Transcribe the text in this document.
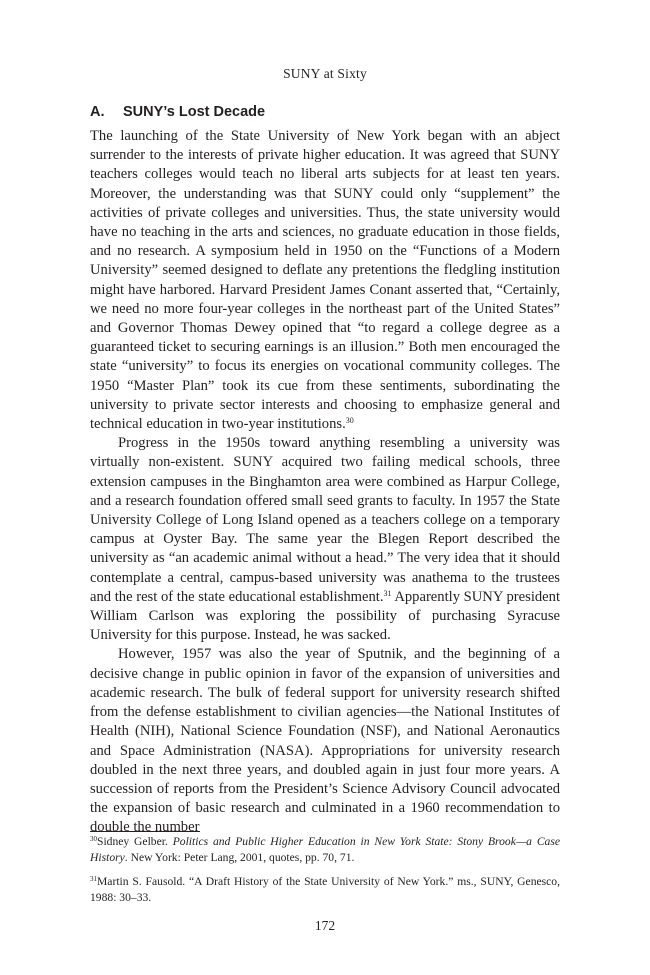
SUNY at Sixty
A. SUNY’s Lost Decade

The launching of the State University of New York began with an abject surrender to the interests of private higher education. It was agreed that SUNY teachers colleges would teach no liberal arts subjects for at least ten years. Moreover, the understanding was that SUNY could only “supplement” the activities of private colleges and universities. Thus, the state university would have no teaching in the arts and sciences, no graduate education in those fields, and no research. A symposium held in 1950 on the “Functions of a Modern University” seemed designed to deflate any pretentions the fledgling institution might have harbored. Harvard President James Conant asserted that, “Certainly, we need no more four-year colleges in the northeast part of the United States” and Governor Thomas Dewey opined that “to regard a college degree as a guaranteed ticket to securing earnings is an illusion.” Both men encouraged the state “university” to focus its energies on vocational community colleges. The 1950 “Master Plan” took its cue from these sentiments, subordinating the university to private sector interests and choosing to emphasize general and technical education in two-year institutions.$^{30}$

Progress in the 1950s toward anything resembling a university was virtually non-existent. SUNY acquired two failing medical schools, three extension campuses in the Binghamton area were combined as Harpur College, and a research foundation offered small seed grants to faculty. In 1957 the State University College of Long Island opened as a teachers college on a temporary campus at Oyster Bay. The same year the Blegen Report described the university as “an academic animal without a head.” The very idea that it should contemplate a central, campus-based university was anathema to the trustees and the rest of the state educational establishment.$^{31}$ Apparently SUNY president William Carlson was exploring the possibility of purchasing Syracuse University for this purpose. Instead, he was sacked.

However, 1957 was also the year of Sputnik, and the beginning of a decisive change in public opinion in favor of the expansion of universities and academic research. The bulk of federal support for university research shifted from the defense establishment to civilian agencies—the National Institutes of Health (NIH), National Science Foundation (NSF), and National Aeronautics and Space Administration (NASA). Appropriations for university research doubled in the next three years, and doubled again in just four more years. A succession of reports from the President’s Science Advisory Council advocated the expansion of basic research and culminated in a 1960 recommendation to double the number

$^{30}$Sidney Gelber. Politics and Public Higher Education in New York State: Stony Brook—a Case History. New York: Peter Lang, 2001, quotes, pp. 70, 71.

$^{31}$Martin S. Fausold. “A Draft History of the State University of New York.” ms., SUNY, Genesco, 1988: 30–33.

172
